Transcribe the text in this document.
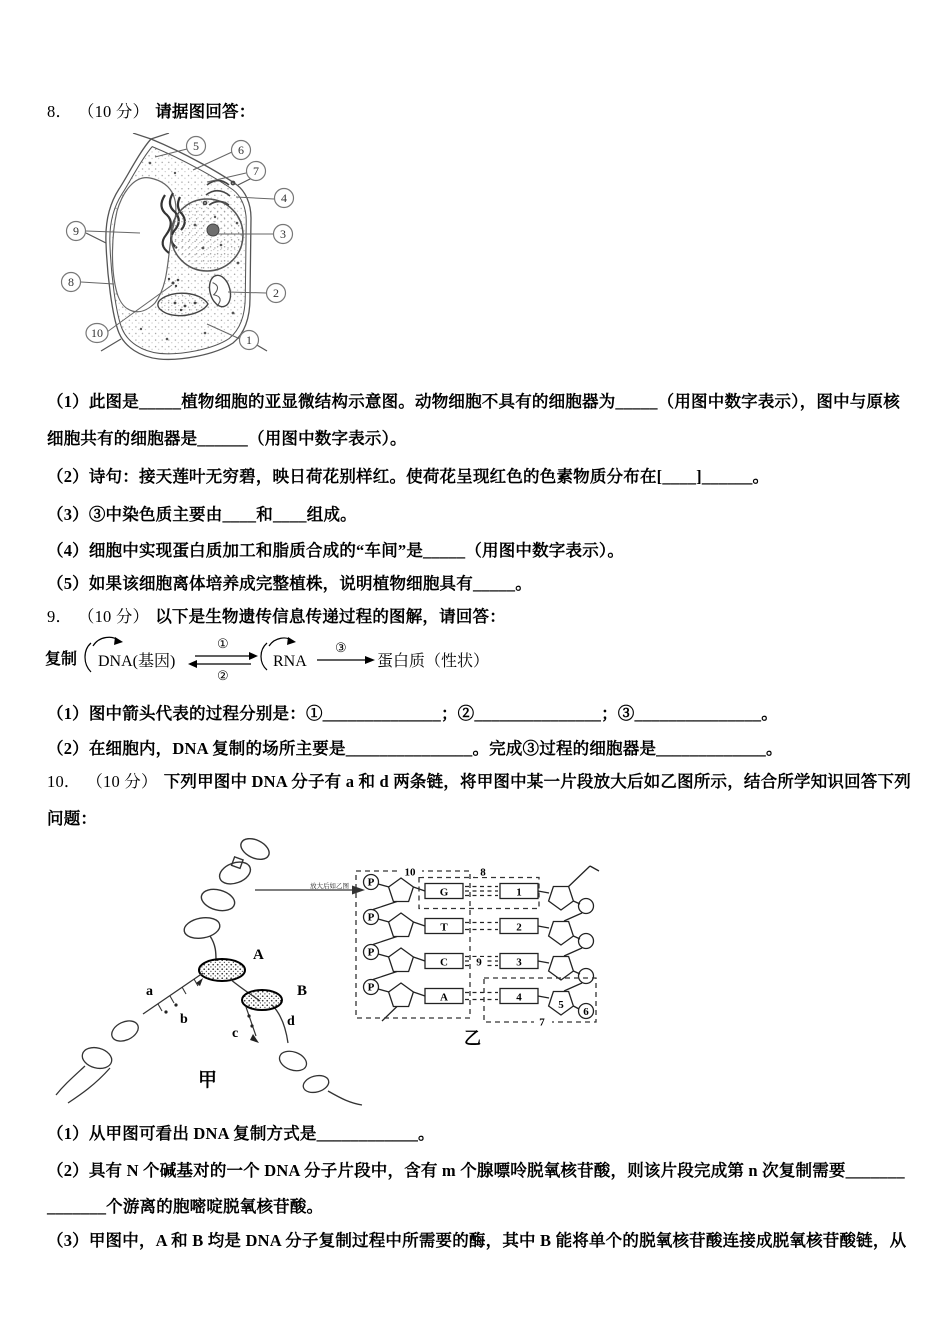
8． （10 分） 请据图回答：
5	6
7
4
3
2
1
9
8
10
（1）此图是_____植物细胞的亚显微结构示意图。动物细胞不具有的细胞器为_____（用图中数字表示），图中与原核
细胞共有的细胞器是______（用图中数字表示）。
（2）诗句：接天莲叶无穷碧，映日荷花别样红。使荷花呈现红色的色素物质分布在[____]______。
（3）③中染色质主要由____和____组成。
（4）细胞中实现蛋白质加工和脂质合成的“车间”是_____（用图中数字表示）。
（5）如果该细胞离体培养成完整植株，说明植物细胞具有_____。
9． （10 分） 以下是生物遗传信息传递过程的图解，请回答：
复制 DNA(基因)
①
②
RNA
③
蛋白质（性状）
（1）图中箭头代表的过程分别是：①______________；②_______________；③_______________。
（2）在细胞内，DNA 复制的场所主要是_______________。完成③过程的细胞器是_____________。
10． （10 分） 下列甲图中 DNA 分子有 a 和 d 两条链，将甲图中某一片段放大后如乙图所示，结合所学知识回答下列
问题：
放大后如乙图
A
B
a
b
c
d
甲
P
P
P
P
G
T
C
A
1
2
3
4
5
6
10	8
9
7
乙
（1）从甲图可看出 DNA 复制方式是____________。
（2）具有 N 个碱基对的一个 DNA 分子片段中，含有 m 个腺嘌呤脱氧核苷酸，则该片段完成第 n 次复制需要_______
_______个游离的胞嘧啶脱氧核苷酸。
（3）甲图中，A 和 B 均是 DNA 分子复制过程中所需要的酶，其中 B 能将单个的脱氧核苷酸连接成脱氧核苷酸链，从
